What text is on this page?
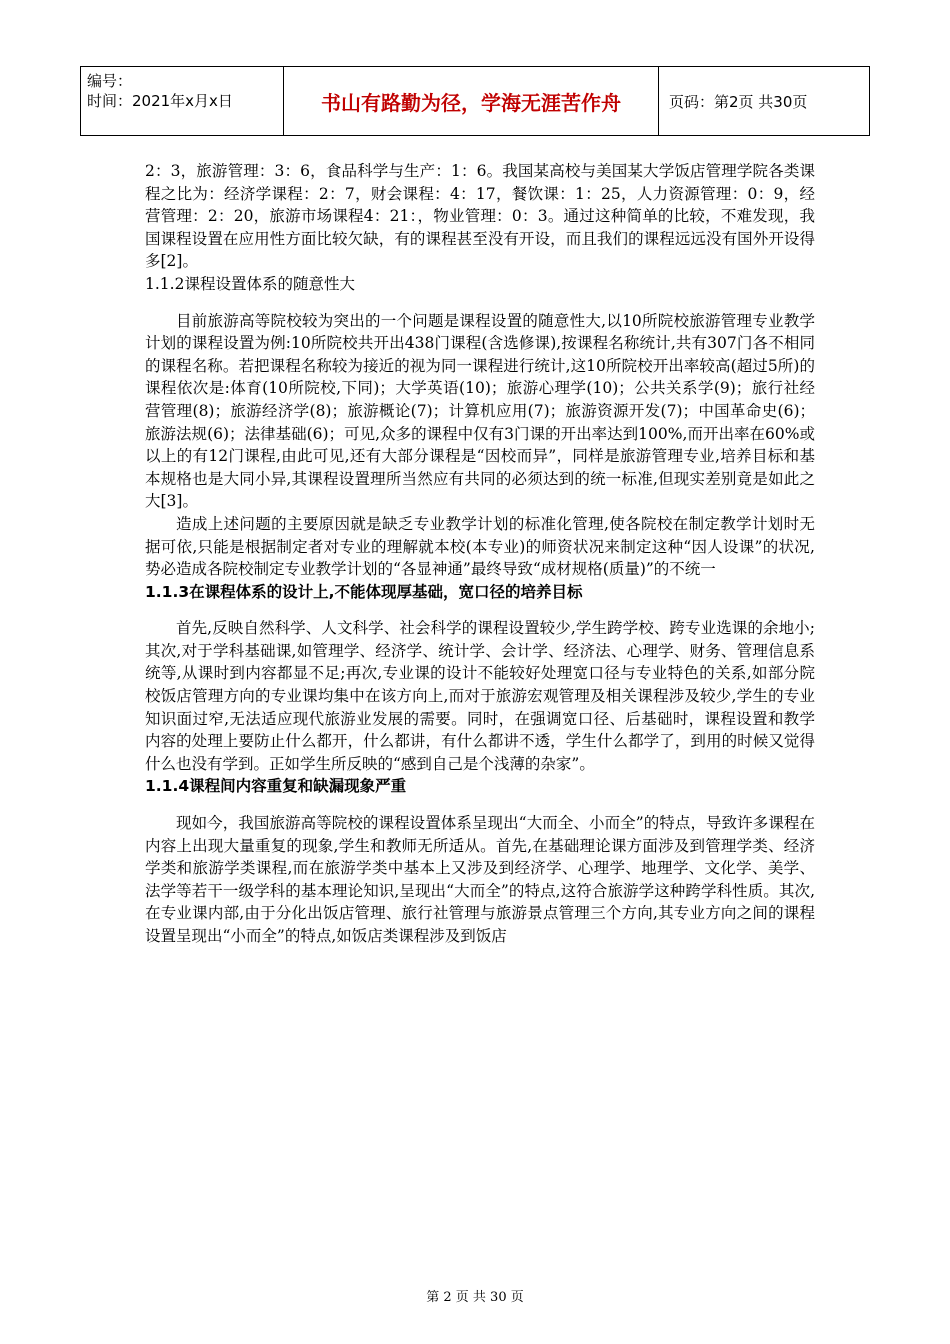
编号：
时间：2021年x月x日	书山有路勤为径，学海无涯苦作舟	页码：第2页 共30页

2：3，旅游管理：3：6，食品科学与生产：1：6。我国某高校与美国某大学饭店管理学院各类课程之比为：经济学课程：2：7，财会课程：4：17，餐饮课：1：25，人力资源管理：0：9，经营管理：2：20，旅游市场课程4：21：，物业管理：0：3。通过这种简单的比较，不难发现，我国课程设置在应用性方面比较欠缺，有的课程甚至没有开设，而且我们的课程远远没有国外开设得多[2]。

1.1.2课程设置体系的随意性大

目前旅游高等院校较为突出的一个问题是课程设置的随意性大,以10所院校旅游管理专业教学计划的课程设置为例:10所院校共开出438门课程(含选修课),按课程名称统计,共有307门各不相同的课程名称。若把课程名称较为接近的视为同一课程进行统计,这10所院校开出率较高(超过5所)的课程依次是:体育(10所院校,下同)；大学英语(10)；旅游心理学(10)；公共关系学(9)；旅行社经营管理(8)；旅游经济学(8)；旅游概论(7)；计算机应用(7)；旅游资源开发(7)；中国革命史(6)；旅游法规(6)；法律基础(6)；可见,众多的课程中仅有3门课的开出率达到100%,而开出率在60%或以上的有12门课程,由此可见,还有大部分课程是“因校而异”，同样是旅游管理专业,培养目标和基本规格也是大同小异,其课程设置理所当然应有共同的必须达到的统一标准,但现实差别竟是如此之大[3]。

造成上述问题的主要原因就是缺乏专业教学计划的标准化管理,使各院校在制定教学计划时无据可依,只能是根据制定者对专业的理解就本校(本专业)的师资状况来制定这种“因人设课”的状况,势必造成各院校制定专业教学计划的“各显神通”最终导致“成材规格(质量)”的不统一

1.1.3在课程体系的设计上,不能体现厚基础，宽口径的培养目标

首先,反映自然科学、人文科学、社会科学的课程设置较少,学生跨学校、跨专业选课的余地小;其次,对于学科基础课,如管理学、经济学、统计学、会计学、经济法、心理学、财务、管理信息系统等,从课时到内容都显不足;再次,专业课的设计不能较好处理宽口径与专业特色的关系,如部分院校饭店管理方向的专业课均集中在该方向上,而对于旅游宏观管理及相关课程涉及较少,学生的专业知识面过窄,无法适应现代旅游业发展的需要。同时，在强调宽口径、后基础时，课程设置和教学内容的处理上要防止什么都开，什么都讲，有什么都讲不透，学生什么都学了，到用的时候又觉得什么也没有学到。正如学生所反映的“感到自己是个浅薄的杂家”。

1.1.4课程间内容重复和缺漏现象严重

现如今，我国旅游高等院校的课程设置体系呈现出“大而全、小而全”的特点，导致许多课程在内容上出现大量重复的现象,学生和教师无所适从。首先,在基础理论课方面涉及到管理学类、经济学类和旅游学类课程,而在旅游学类中基本上又涉及到经济学、心理学、地理学、文化学、美学、法学等若干一级学科的基本理论知识,呈现出“大而全”的特点,这符合旅游学这种跨学科性质。其次,在专业课内部,由于分化出饭店管理、旅行社管理与旅游景点管理三个方向,其专业方向之间的课程设置呈现出“小而全”的特点,如饭店类课程涉及到饭店

第 2 页 共 30 页
